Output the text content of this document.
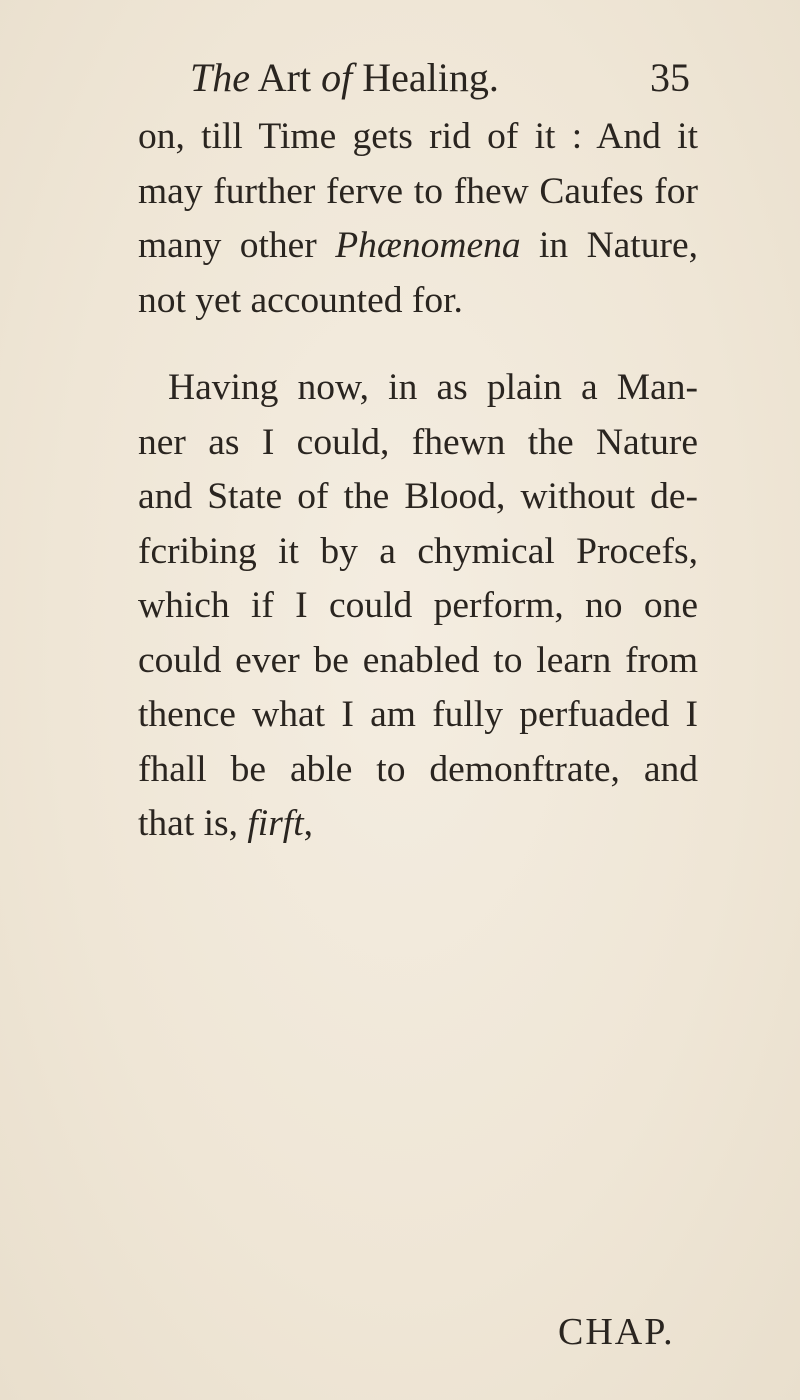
The Art of Healing.	35
on, till Time gets rid of it : And it
may further ferve to fhew Caufes for
many other Phænomena in Nature,
not yet accounted for.
Having now, in as plain a Man-
ner as I could, fhewn the Nature
and State of the Blood, without de-
fcribing it by a chymical Procefs,
which if I could perform, no one
could ever be enabled to learn from
thence what I am fully perfuaded I
fhall be able to demonftrate, and
that is, firft,
CHAP.
